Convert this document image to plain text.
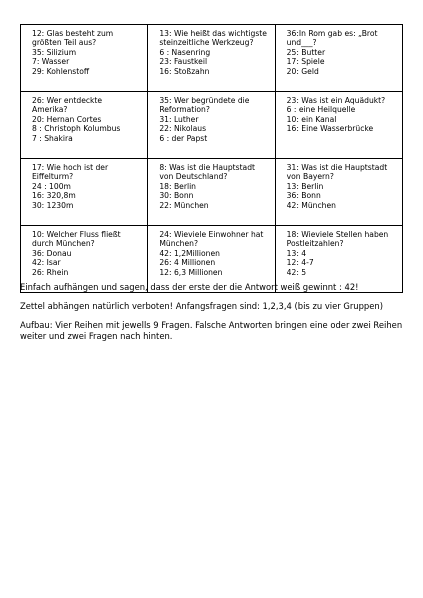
12: Glas besteht zum
größten Teil aus?
35: Silizium
7: Wasser
29: Kohlenstoff	13: Wie heißt das wichtigste
steinzeitliche Werkzeug?
6 : Nasenring
23: Faustkeil
16: Stoßzahn	36:In Rom gab es: „Brot
und___?
25: Butter
17: Spiele
20: Geld

26: Wer entdeckte
Amerika?
20: Hernan Cortes
8 : Christoph Kolumbus
7 : Shakira	35: Wer begründete die
Reformation?
31: Luther
22: Nikolaus
6 : der Papst	23: Was ist ein Aquädukt?
6 : eine Heilquelle
10: ein Kanal
16: Eine Wasserbrücke

17: Wie hoch ist der
Eiffelturm?
24 : 100m
16: 320,8m
30: 1230m	8: Was ist die Hauptstadt
von Deutschland?
18: Berlin
30: Bonn
22: München	31: Was ist die Hauptstadt
von Bayern?
13: Berlin
36: Bonn
42: München

10: Welcher Fluss fließt
durch München?
36: Donau
42: Isar
26: Rhein	24: Wieviele Einwohner hat
München?
42: 1,2Millionen
26: 4 Millionen
12: 6,3 Millionen	18: Wieviele Stellen haben
Postleitzahlen?
13: 4
12: 4-7
42: 5

Einfach aufhängen und sagen, dass der erste der die Antwort weiß gewinnt : 42!

Zettel abhängen natürlich verboten! Anfangsfragen sind: 1,2,3,4 (bis zu vier Gruppen)

Aufbau: Vier Reihen mit jewells 9 Fragen. Falsche Antworten bringen eine oder zwei Reihen weiter und zwei Fragen nach hinten.
